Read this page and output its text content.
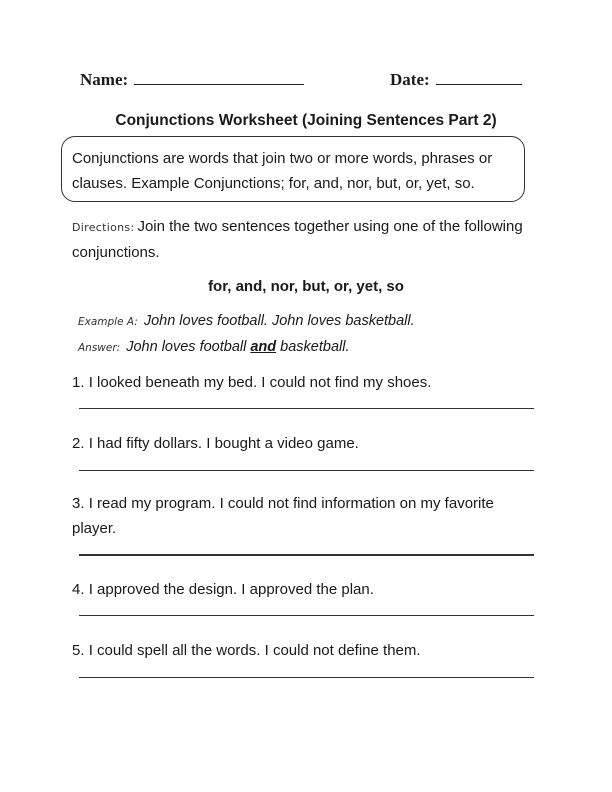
Name:	Date:
Conjunctions Worksheet (Joining Sentences Part 2)
Conjunctions are words that join two or more words, phrases or clauses. Example Conjunctions; for, and, nor, but, or, yet, so.
Directions: Join the two sentences together using one of the following conjunctions.
for, and, nor, but, or, yet, so
Example A: John loves football. John loves basketball.
Answer: John loves football and basketball.
1. I looked beneath my bed. I could not find my shoes.
2. I had fifty dollars. I bought a video game.
3. I read my program. I could not find information on my favorite player.
4. I approved the design. I approved the plan.
5. I could spell all the words. I could not define them.
